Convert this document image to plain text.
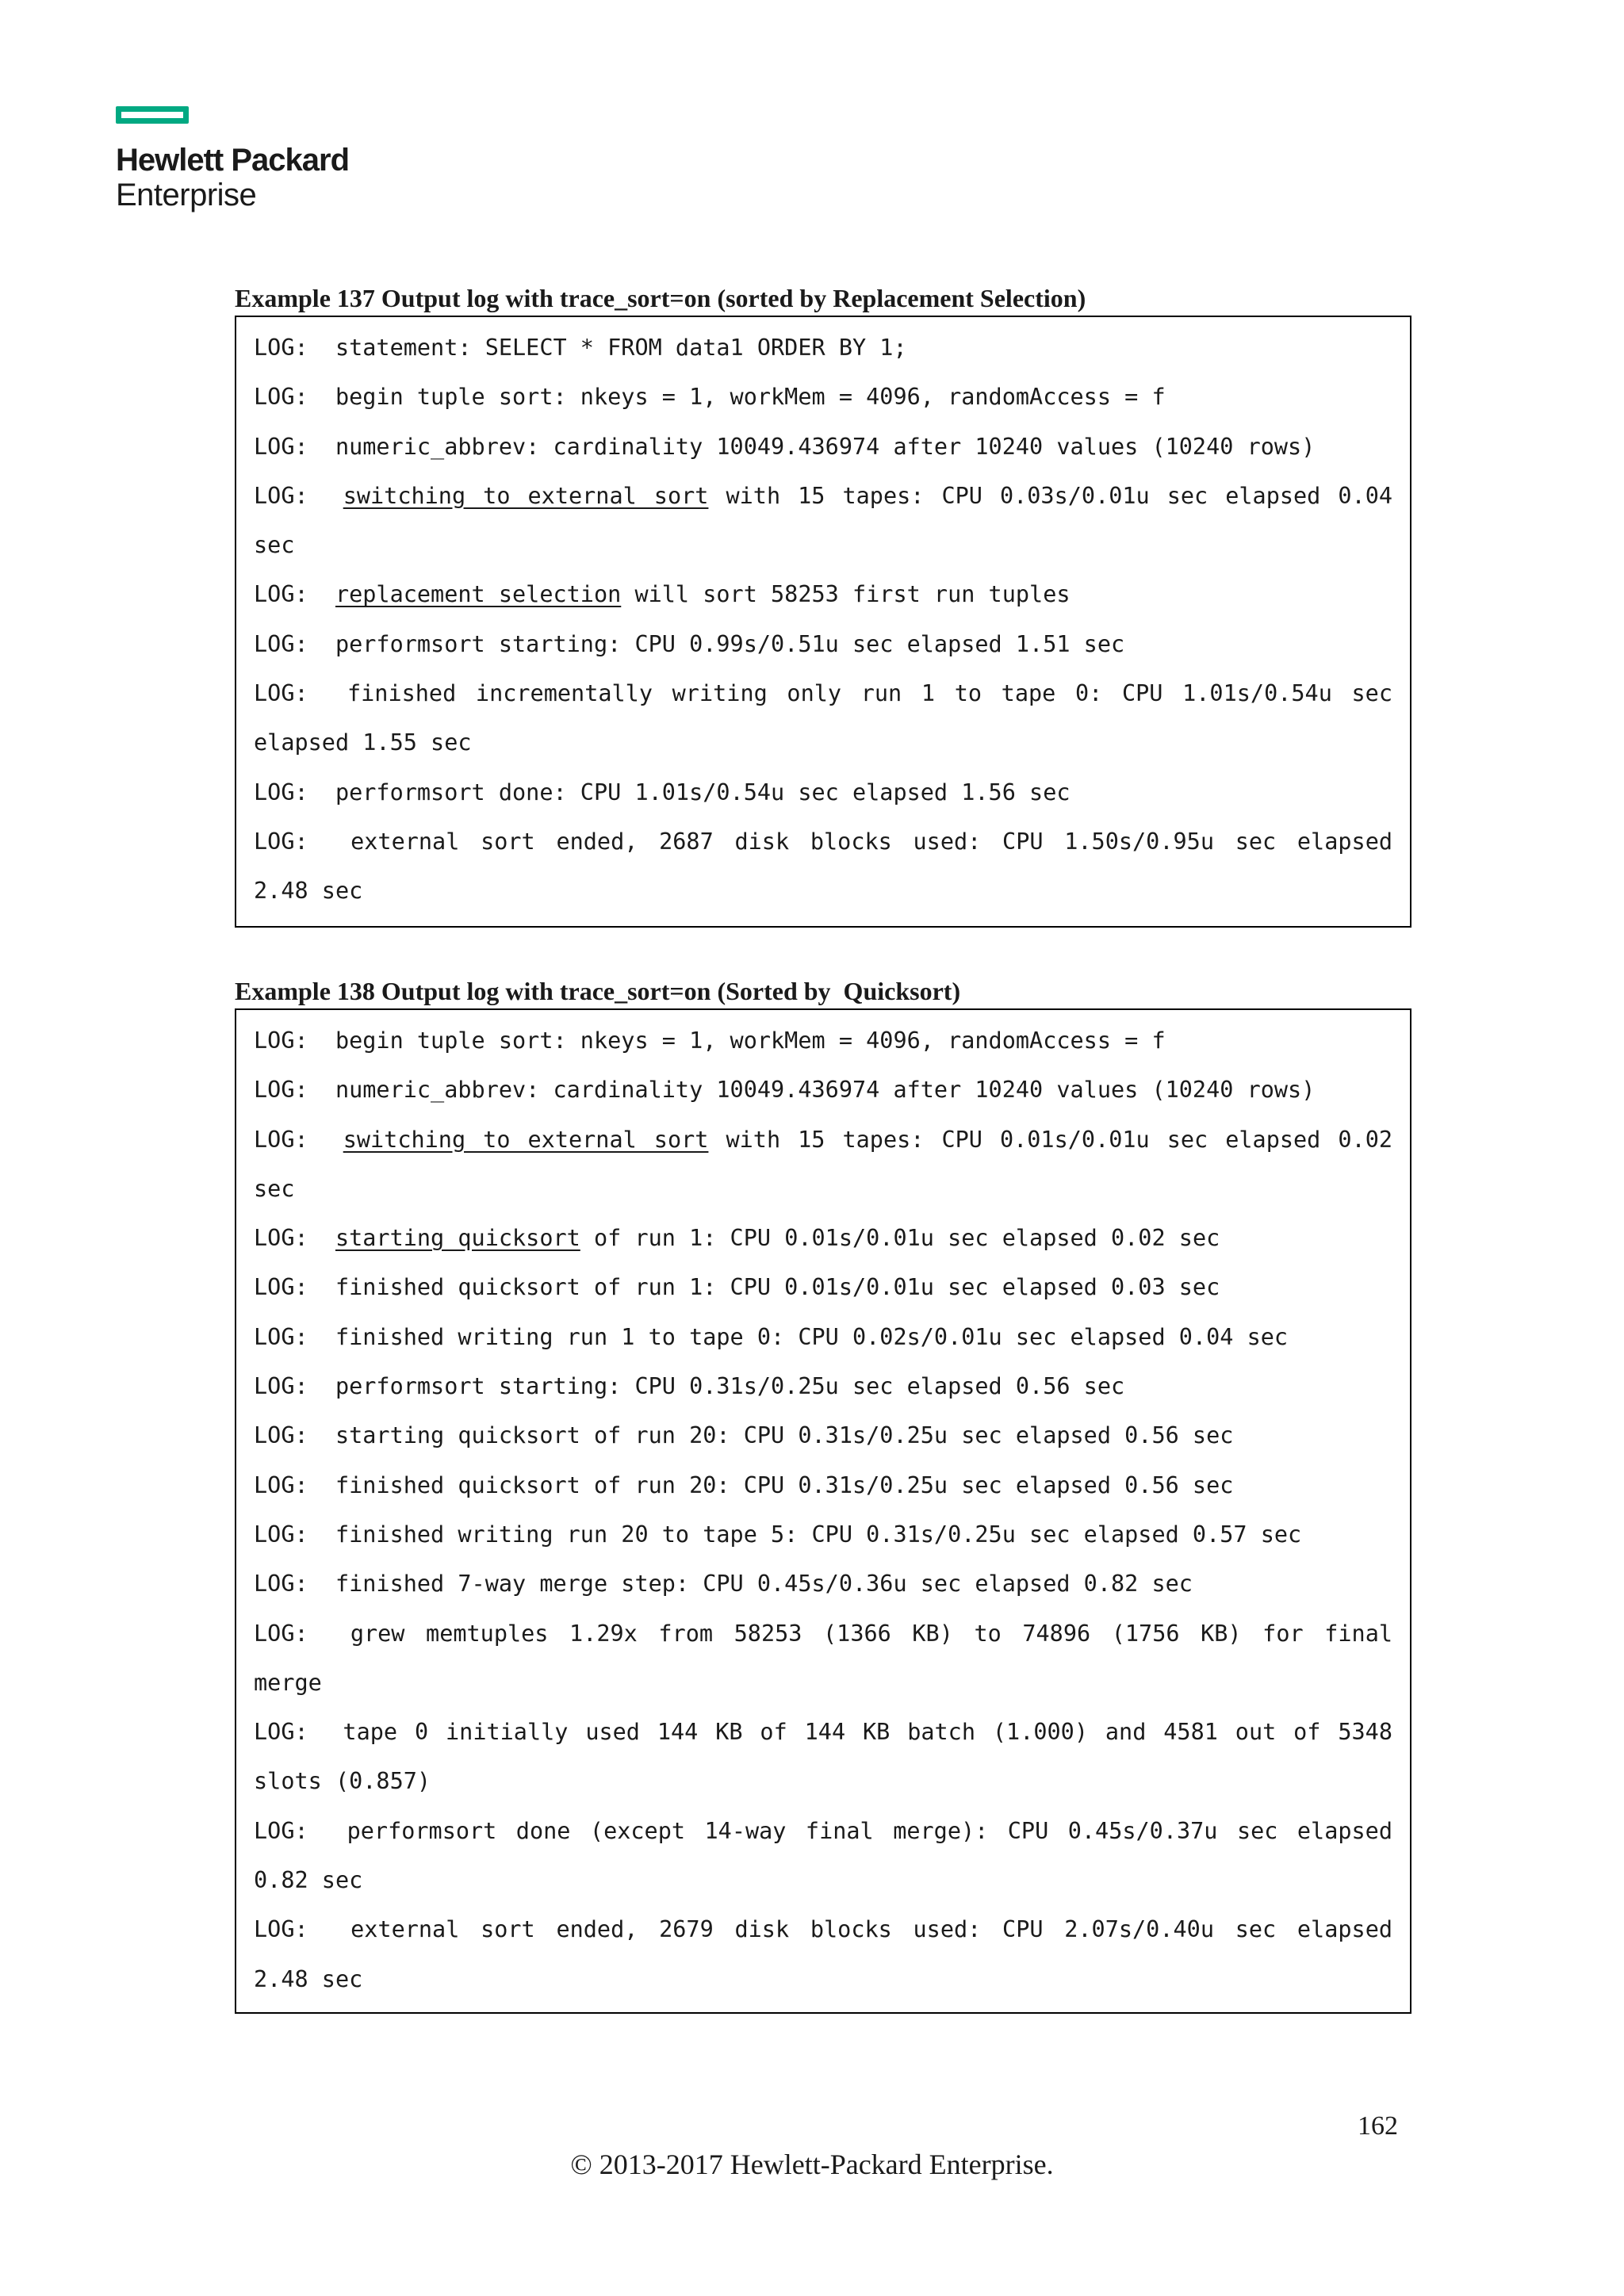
Hewlett Packard
Enterprise
Example 137 Output log with trace_sort=on (sorted by Replacement Selection)
LOG:  statement: SELECT * FROM data1 ORDER BY 1;
LOG:  begin tuple sort: nkeys = 1, workMem = 4096, randomAccess = f
LOG:  numeric_abbrev: cardinality 10049.436974 after 10240 values (10240 rows)
LOG:  switching to external sort with 15 tapes: CPU 0.03s/0.01u sec elapsed 0.04
sec
LOG:  replacement selection will sort 58253 first run tuples
LOG:  performsort starting: CPU 0.99s/0.51u sec elapsed 1.51 sec
LOG:  finished incrementally writing only run 1 to tape 0: CPU 1.01s/0.54u sec
elapsed 1.55 sec
LOG:  performsort done: CPU 1.01s/0.54u sec elapsed 1.56 sec
LOG:  external sort ended, 2687 disk blocks used: CPU 1.50s/0.95u sec elapsed
2.48 sec
Example 138 Output log with trace_sort=on (Sorted by  Quicksort)
LOG:  begin tuple sort: nkeys = 1, workMem = 4096, randomAccess = f
LOG:  numeric_abbrev: cardinality 10049.436974 after 10240 values (10240 rows)
LOG:  switching to external sort with 15 tapes: CPU 0.01s/0.01u sec elapsed 0.02
sec
LOG:  starting quicksort of run 1: CPU 0.01s/0.01u sec elapsed 0.02 sec
LOG:  finished quicksort of run 1: CPU 0.01s/0.01u sec elapsed 0.03 sec
LOG:  finished writing run 1 to tape 0: CPU 0.02s/0.01u sec elapsed 0.04 sec
LOG:  performsort starting: CPU 0.31s/0.25u sec elapsed 0.56 sec
LOG:  starting quicksort of run 20: CPU 0.31s/0.25u sec elapsed 0.56 sec
LOG:  finished quicksort of run 20: CPU 0.31s/0.25u sec elapsed 0.56 sec
LOG:  finished writing run 20 to tape 5: CPU 0.31s/0.25u sec elapsed 0.57 sec
LOG:  finished 7-way merge step: CPU 0.45s/0.36u sec elapsed 0.82 sec
LOG:  grew memtuples 1.29x from 58253 (1366 KB) to 74896 (1756 KB) for final
merge
LOG:  tape 0 initially used 144 KB of 144 KB batch (1.000) and 4581 out of 5348
slots (0.857)
LOG:  performsort done (except 14-way final merge): CPU 0.45s/0.37u sec elapsed
0.82 sec
LOG:  external sort ended, 2679 disk blocks used: CPU 2.07s/0.40u sec elapsed
2.48 sec
162
© 2013-2017 Hewlett-Packard Enterprise.
